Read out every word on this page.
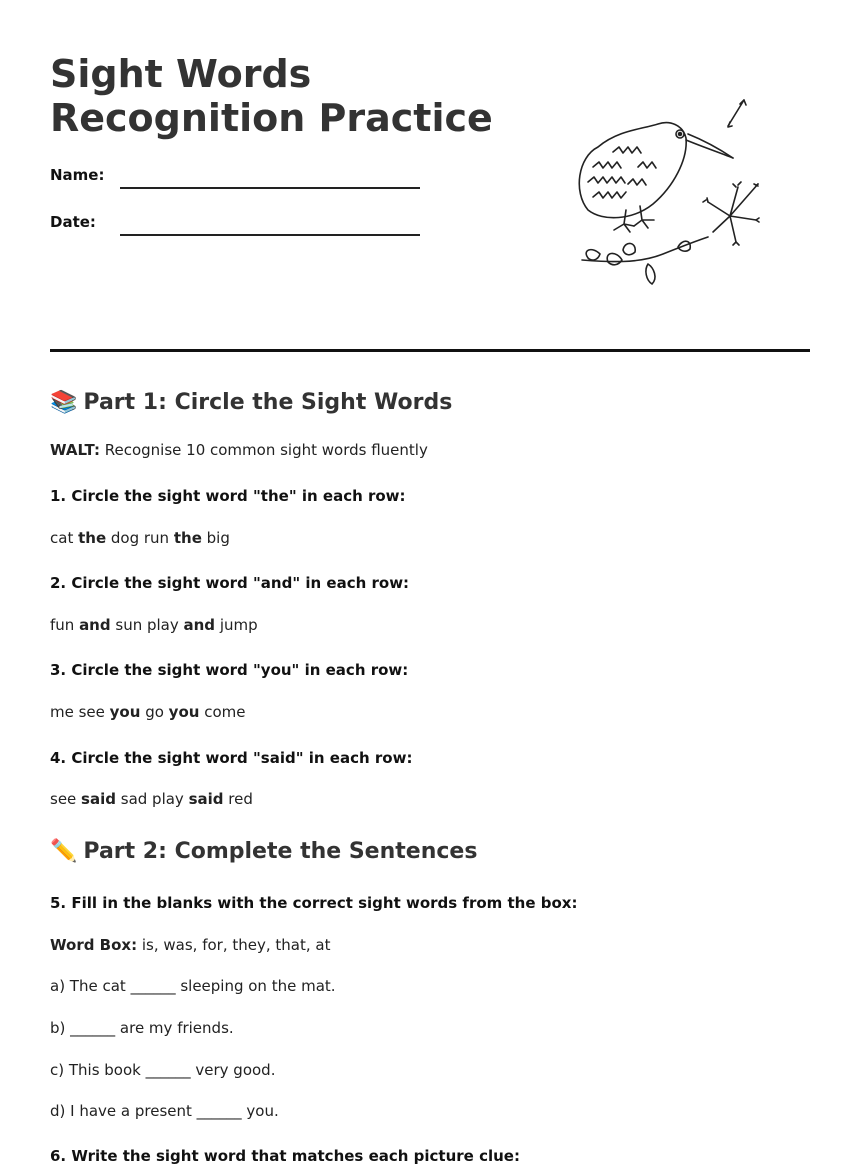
Sight Words
Recognition Practice
Name:
Date:
📚 Part 1: Circle the Sight Words
WALT: Recognise 10 common sight words fluently
1. Circle the sight word "the" in each row:
cat the dog run the big
2. Circle the sight word "and" in each row:
fun and sun play and jump
3. Circle the sight word "you" in each row:
me see you go you come
4. Circle the sight word "said" in each row:
see said sad play said red
✏️ Part 2: Complete the Sentences
5. Fill in the blanks with the correct sight words from the box:
Word Box: is, was, for, they, that, at
a) The cat ______ sleeping on the mat.
b) ______ are my friends.
c) This book ______ very good.
d) I have a present ______ you.
6. Write the sight word that matches each picture clue:
